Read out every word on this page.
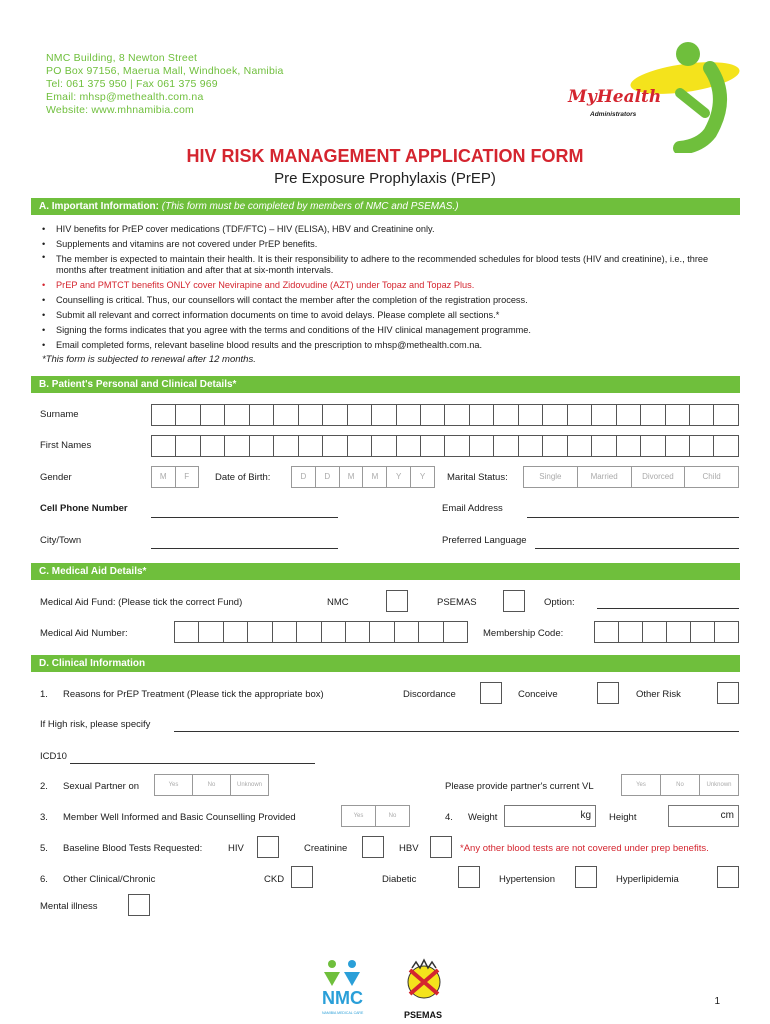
NMC Building, 8 Newton Street
PO Box 97156, Maerua Mall, Windhoek, Namibia
Tel: 061 375 950 | Fax 061 375 969
Email: mhsp@methealth.com.na
Website: www.mhnamibia.com
MyHealth
Administrators
HIV RISK MANAGEMENT APPLICATION FORM
Pre Exposure Prophylaxis (PrEP)
A. Important Information: (This form must be completed by members of NMC and PSEMAS.)
• HIV benefits for PrEP cover medications (TDF/FTC) – HIV (ELISA), HBV and Creatinine only.
• Supplements and vitamins are not covered under PrEP benefits.
• The member is expected to maintain their health. It is their responsibility to adhere to the recommended schedules for blood tests (HIV and creatinine), i.e., three months after treatment initiation and after that at six-month intervals.
• PrEP and PMTCT benefits ONLY cover Nevirapine and Zidovudine (AZT) under Topaz and Topaz Plus.
• Counselling is critical. Thus, our counsellors will contact the member after the completion of the registration process.
• Submit all relevant and correct information documents on time to avoid delays. Please complete all sections.*
• Signing the forms indicates that you agree with the terms and conditions of the HIV clinical management programme.
• Email completed forms, relevant baseline blood results and the prescription to mhsp@methealth.com.na.
*This form is subjected to renewal after 12 months.
B. Patient's Personal and Clinical Details*
Surname
First Names
Gender	M	F	Date of Birth:	D	D	M	M	Y	Y	Marital Status:	Single	Married	Divorced	Child
Cell Phone Number	Email Address
City/Town	Preferred Language
C. Medical Aid Details*
Medical Aid Fund: (Please tick the correct Fund)	NMC	PSEMAS	Option:
Medical Aid Number:	Membership Code:
D. Clinical Information
1. Reasons for PrEP Treatment (Please tick the appropriate box)	Discordance	Conceive	Other Risk
If High risk, please specify
ICD10
2. Sexual Partner on	Yes	No	Unknown	Please provide partner's current VL	Yes	No	Unknown
3. Member Well Informed and Basic Counselling Provided	Yes	No	4. Weight	kg	Height	cm
5. Baseline Blood Tests Requested:	HIV	Creatinine	HBV	*Any other blood tests are not covered under prep benefits.
6. Other Clinical/Chronic	CKD	Diabetic	Hypertension	Hyperlipidemia
Mental illness
NMC
NAMIBIA MEDICAL CARE	PSEMAS
1
